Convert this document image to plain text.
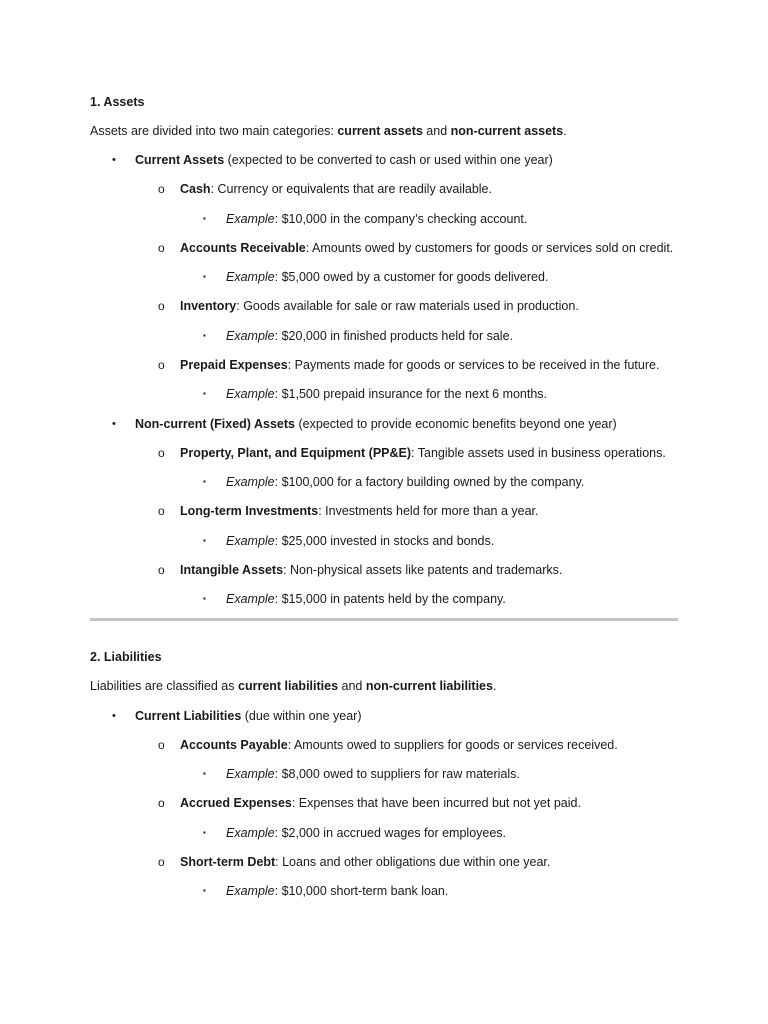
1. Assets
Assets are divided into two main categories: current assets and non-current assets.
• Current Assets (expected to be converted to cash or used within one year)
o Cash: Currency or equivalents that are readily available.
▪ Example: $10,000 in the company’s checking account.
o Accounts Receivable: Amounts owed by customers for goods or services sold on credit.
▪ Example: $5,000 owed by a customer for goods delivered.
o Inventory: Goods available for sale or raw materials used in production.
▪ Example: $20,000 in finished products held for sale.
o Prepaid Expenses: Payments made for goods or services to be received in the future.
▪ Example: $1,500 prepaid insurance for the next 6 months.
• Non-current (Fixed) Assets (expected to provide economic benefits beyond one year)
o Property, Plant, and Equipment (PP&E): Tangible assets used in business operations.
▪ Example: $100,000 for a factory building owned by the company.
o Long-term Investments: Investments held for more than a year.
▪ Example: $25,000 invested in stocks and bonds.
o Intangible Assets: Non-physical assets like patents and trademarks.
▪ Example: $15,000 in patents held by the company.
2. Liabilities
Liabilities are classified as current liabilities and non-current liabilities.
• Current Liabilities (due within one year)
o Accounts Payable: Amounts owed to suppliers for goods or services received.
▪ Example: $8,000 owed to suppliers for raw materials.
o Accrued Expenses: Expenses that have been incurred but not yet paid.
▪ Example: $2,000 in accrued wages for employees.
o Short-term Debt: Loans and other obligations due within one year.
▪ Example: $10,000 short-term bank loan.
